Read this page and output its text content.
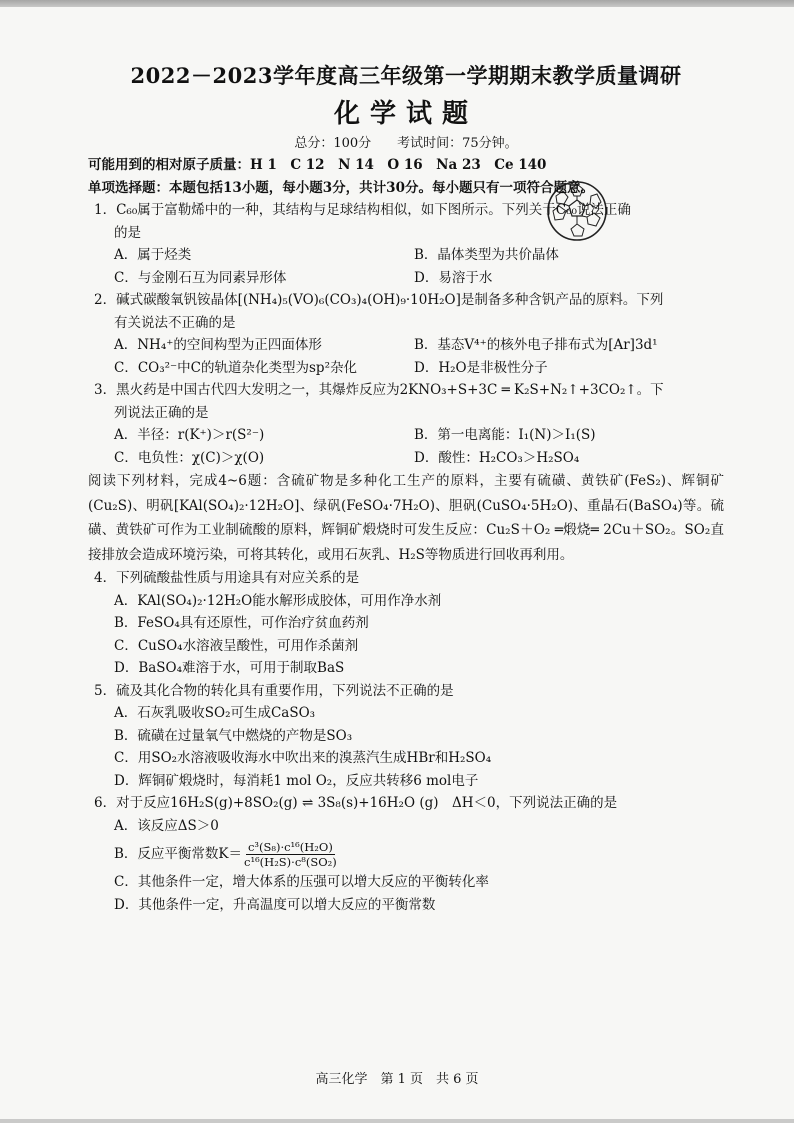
2022－2023学年度高三年级第一学期期末教学质量调研
化学试题
总分：100分　　考试时间：75分钟。
可能用到的相对原子质量：H 1　C 12　N 14　O 16　Na 23　Ce 140
单项选择题：本题包括13小题，每小题3分，共计30分。每小题只有一项符合题意。
1．C₆₀属于富勒烯中的一种，其结构与足球结构相似，如下图所示。下列关于C₆₀说法正确
的是
A．属于烃类	B．晶体类型为共价晶体
C．与金刚石互为同素异形体	D．易溶于水
2．碱式碳酸氧钒铵晶体[(NH₄)₅(VO)₆(CO₃)₄(OH)₉·10H₂O]是制备多种含钒产品的原料。下列
有关说法不正确的是
A．NH₄⁺的空间构型为正四面体形	B．基态V⁴⁺的核外电子排布式为[Ar]3d¹
C．CO₃²⁻中C的轨道杂化类型为sp²杂化	D．H₂O是非极性分子
3．黑火药是中国古代四大发明之一，其爆炸反应为2KNO₃+S+3C ═ K₂S+N₂↑+3CO₂↑。下
列说法正确的是
A．半径：r(K⁺)＞r(S²⁻)	B．第一电离能：I₁(N)＞I₁(S)
C．电负性：χ(C)＞χ(O)	D．酸性：H₂CO₃＞H₂SO₄
阅读下列材料，完成4~6题：含硫矿物是多种化工生产的原料，主要有硫磺、黄铁矿(FeS₂)、辉铜矿(Cu₂S)、明矾[KAl(SO₄)₂·12H₂O]、绿矾(FeSO₄·7H₂O)、胆矾(CuSO₄·5H₂O)、重晶石(BaSO₄)等。硫磺、黄铁矿可作为工业制硫酸的原料，辉铜矿煅烧时可发生反应：Cu₂S＋O₂ ═煅烧═ 2Cu＋SO₂。SO₂直接排放会造成环境污染，可将其转化，或用石灰乳、H₂S等物质进行回收再利用。
4．下列硫酸盐性质与用途具有对应关系的是
A．KAl(SO₄)₂·12H₂O能水解形成胶体，可用作净水剂
B．FeSO₄具有还原性，可作治疗贫血药剂
C．CuSO₄水溶液呈酸性，可用作杀菌剂
D．BaSO₄难溶于水，可用于制取BaS
5．硫及其化合物的转化具有重要作用，下列说法不正确的是
A．石灰乳吸收SO₂可生成CaSO₃
B．硫磺在过量氧气中燃烧的产物是SO₃
C．用SO₂水溶液吸收海水中吹出来的溴蒸汽生成HBr和H₂SO₄
D．辉铜矿煅烧时，每消耗1 mol O₂，反应共转移6 mol电子
6．对于反应16H₂S(g)+8SO₂(g) ⇌ 3S₈(s)+16H₂O (g)　ΔH＜0，下列说法正确的是
A．该反应ΔS＞0
B．反应平衡常数$K= \frac{\text{c³(S₈)·c¹⁶(H₂O)}}{\text{c¹⁶(H₂S)·c⁸(SO₂)}}$
C．其他条件一定，增大体系的压强可以增大反应的平衡转化率
D．其他条件一定，升高温度可以增大反应的平衡常数
高三化学　第 1 页　共 6 页
